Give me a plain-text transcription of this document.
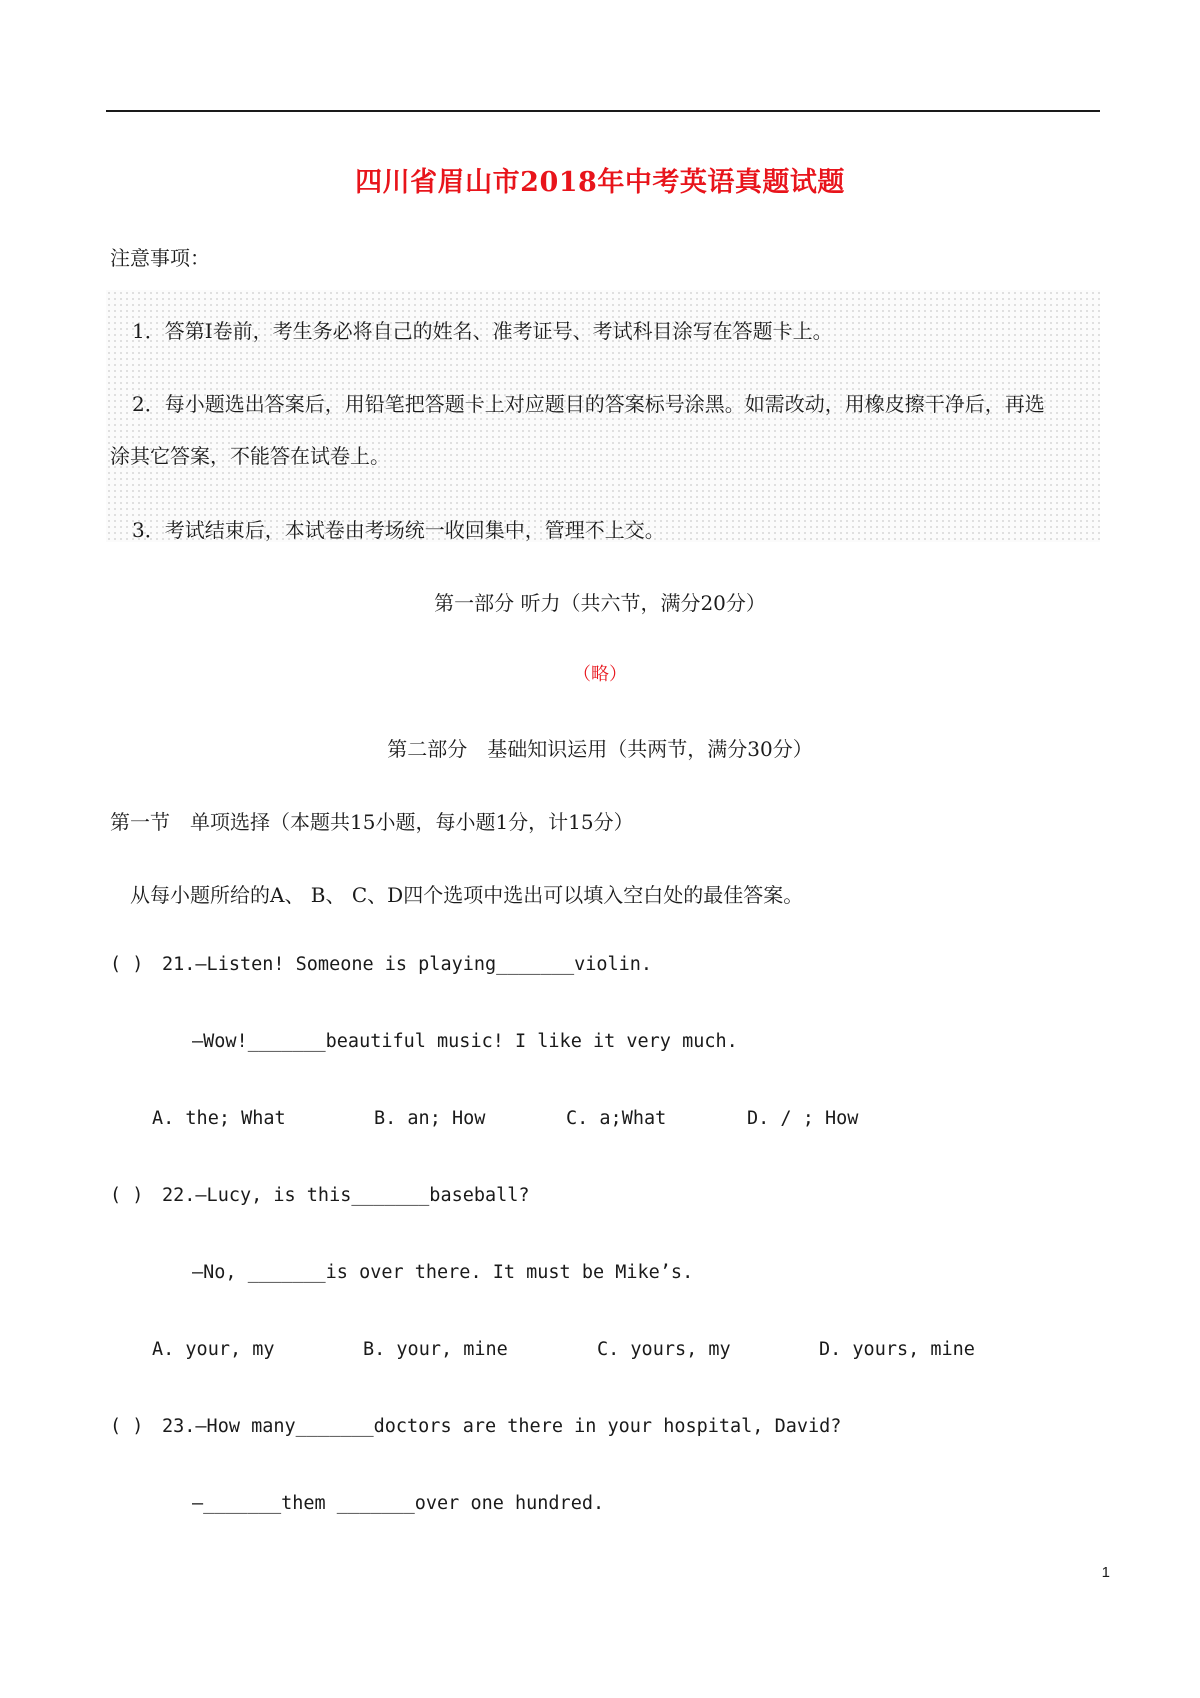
四川省眉山市2018年中考英语真题试题
注意事项：
1．答第Ⅰ卷前，考生务必将自己的姓名、准考证号、考试科目涂写在答题卡上。
2．每小题选出答案后，用铅笔把答题卡上对应题目的答案标号涂黑。如需改动，用橡皮擦干净后，再选
涂其它答案，不能答在试卷上。
3．考试结束后，本试卷由考场统一收回集中，管理不上交。
第一部分 听力（共六节，满分20分）
（略）
第二部分　基础知识运用（共两节，满分30分）
第一节　单项选择（本题共15小题，每小题1分，计15分）
从每小题所给的A、 B、 C、D四个选项中选出可以填入空白处的最佳答案。
( ) 21.—Listen! Someone is playing_______violin.
—Wow!_______beautiful music! I like it very much.
A. the; What	B. an; How	C. a;What	D. / ; How
( ) 22.—Lucy, is this_______baseball?
—No, _______is over there. It must be Mike’s.
A. your, my	B. your, mine	C. yours, my	D. yours, mine
( ) 23.—How many_______doctors are there in your hospital, David?
—_______them _______over one hundred.
1
